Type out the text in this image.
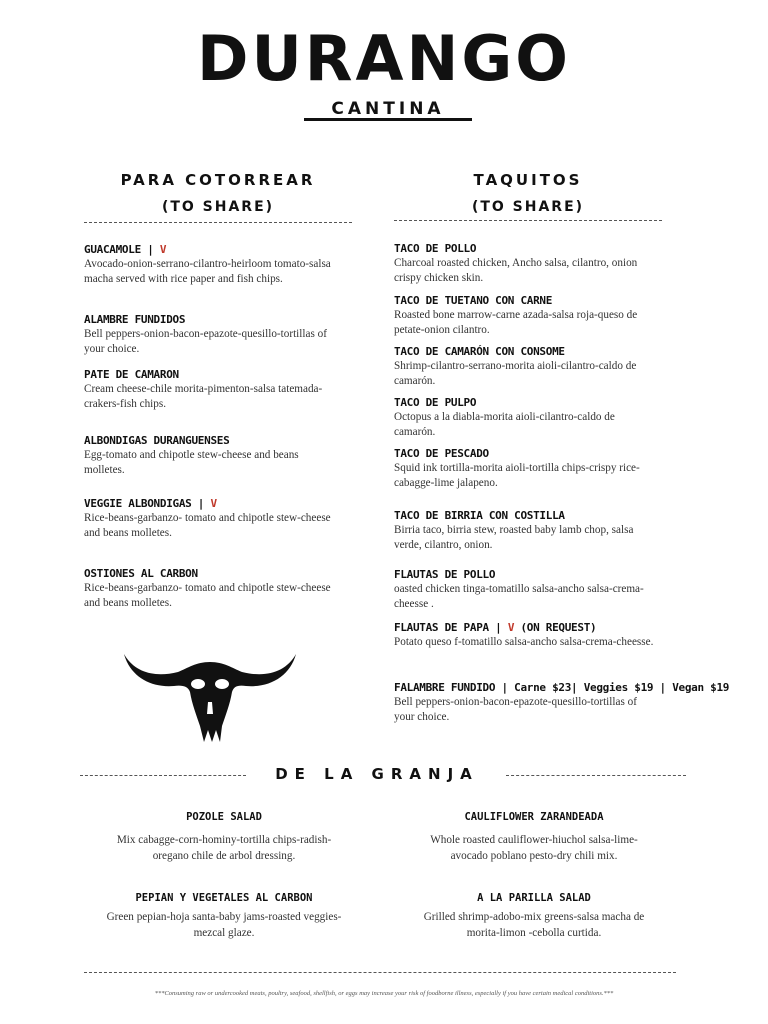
DURANGO
CANTINA
PARA COTORREAR
(TO SHARE)
TAQUITOS
(TO SHARE)
GUACAMOLE | V
Avocado-onion-serrano-cilantro-heirloom tomato-salsa macha served with rice paper and fish chips.
ALAMBRE FUNDIDOS
Bell peppers-onion-bacon-epazote-quesillo-tortillas of your choice.
PATE DE CAMARON
Cream cheese-chile morita-pimenton-salsa tatemada-crakers-fish chips.
ALBONDIGAS DURANGUENSES
Egg-tomato and chipotle stew-cheese and beans molletes.
VEGGIE ALBONDIGAS | V
Rice-beans-garbanzo- tomato and chipotle stew-cheese and beans molletes.
OSTIONES AL CARBON
Rice-beans-garbanzo- tomato and chipotle stew-cheese and beans molletes.
TACO DE POLLO
Charcoal roasted chicken, Ancho salsa, cilantro, onion crispy chicken skin.
TACO DE TUETANO CON CARNE
Roasted bone marrow-carne azada-salsa roja-queso de petate-onion cilantro.
TACO DE CAMARÓN CON CONSOME
Shrimp-cilantro-serrano-morita aioli-cilantro-caldo de camarón.
TACO DE PULPO
Octopus a la diabla-morita aioli-cilantro-caldo de camarón.
TACO DE PESCADO
Squid ink tortilla-morita aioli-tortilla chips-crispy rice-cabagge-lime jalapeno.
TACO DE BIRRIA CON COSTILLA
Birria taco, birria stew, roasted baby lamb chop, salsa verde, cilantro, onion.
FLAUTAS DE POLLO
oasted chicken tinga-tomatillo salsa-ancho salsa-crema-cheesse .
FLAUTAS DE PAPA | V (ON REQUEST)
Potato queso f-tomatillo salsa-ancho salsa-crema-cheesse.
FALAMBRE FUNDIDO | Carne $23| Veggies $19 | Vegan $19
Bell peppers-onion-bacon-epazote-quesillo-tortillas of your choice.
DE LA GRANJA
POZOLE SALAD
Mix cabagge-corn-hominy-tortilla chips-radish-oregano chile de arbol dressing.
CAULIFLOWER ZARANDEADA
Whole roasted cauliflower-hiuchol salsa-lime-avocado poblano pesto-dry chili mix.
PEPIAN Y VEGETALES AL CARBON
Green pepian-hoja santa-baby jams-roasted veggies-mezcal glaze.
A LA PARILLA SALAD
Grilled shrimp-adobo-mix greens-salsa macha de morita-limon -cebolla curtida.
***Consuming raw or undercooked meats, poultry, seafood, shellfish, or eggs may increase your risk of foodborne illness, especially if you have certain medical conditions.***
